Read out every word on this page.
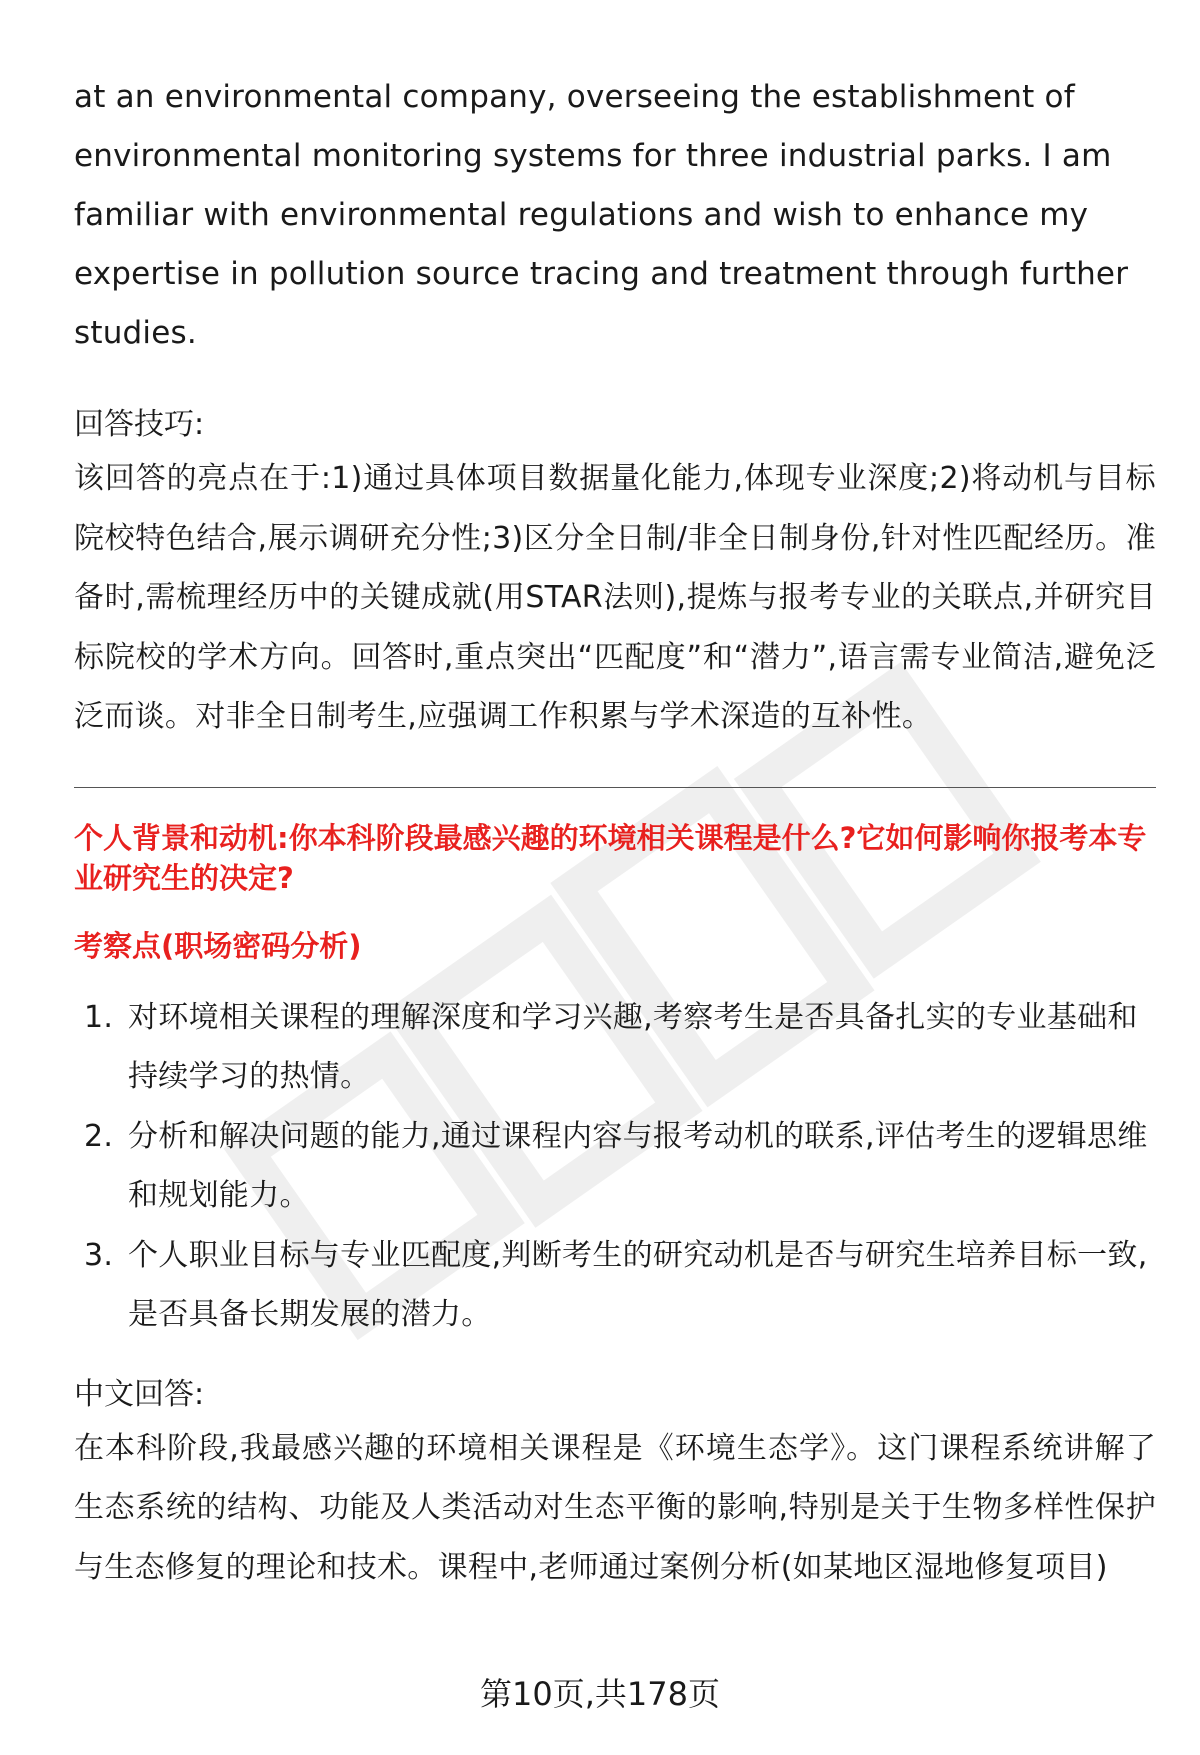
at an environmental company, overseeing the establishment of environmental monitoring systems for three industrial parks. I am familiar with environmental regulations and wish to enhance my expertise in pollution source tracing and treatment through further studies.

回答技巧:

该回答的亮点在于:1)通过具体项目数据量化能力,体现专业深度;2)将动机与目标院校特色结合,展示调研充分性;3)区分全日制/非全日制身份,针对性匹配经历。准备时,需梳理经历中的关键成就(用STAR法则),提炼与报考专业的关联点,并研究目标院校的学术方向。回答时,重点突出“匹配度”和“潜力”,语言需专业简洁,避免泛泛而谈。对非全日制考生,应强调工作积累与学术深造的互补性。

个人背景和动机:你本科阶段最感兴趣的环境相关课程是什么?它如何影响你报考本专业研究生的决定?
考察点(职场密码分析)
1. 对环境相关课程的理解深度和学习兴趣,考察考生是否具备扎实的专业基础和持续学习的热情。
2. 分析和解决问题的能力,通过课程内容与报考动机的联系,评估考生的逻辑思维和规划能力。
3. 个人职业目标与专业匹配度,判断考生的研究动机是否与研究生培养目标一致,是否具备长期发展的潜力。
中文回答:

在本科阶段,我最感兴趣的环境相关课程是《环境生态学》。这门课程系统讲解了生态系统的结构、功能及人类活动对生态平衡的影响,特别是关于生物多样性保护与生态修复的理论和技术。课程中,老师通过案例分析(如某地区湿地修复项目)

第10页,共178页
